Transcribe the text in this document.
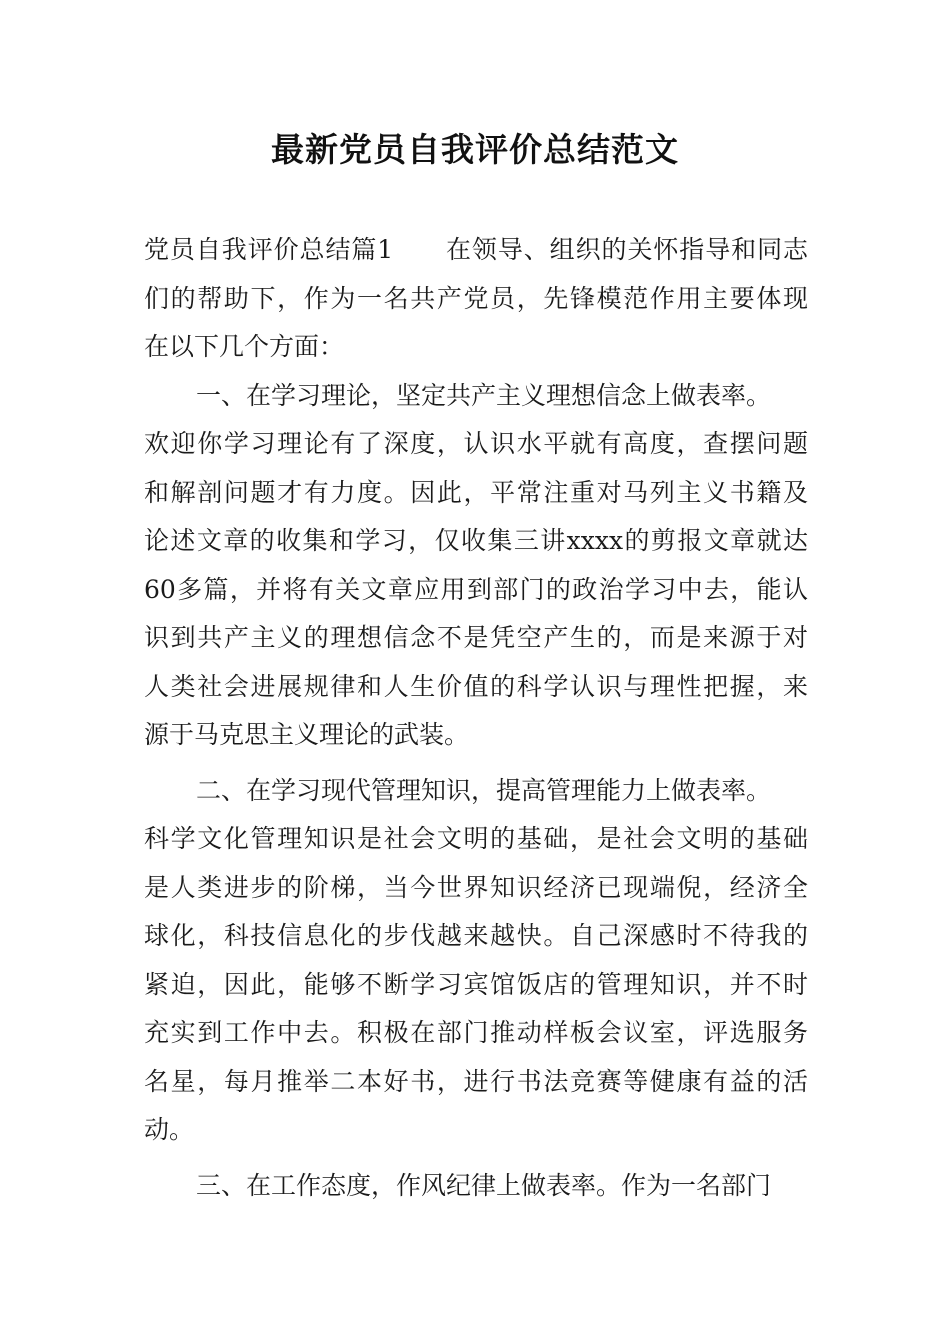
最新党员自我评价总结范文
党员自我评价总结篇1　　在领导、组织的关怀指导和同志
们的帮助下，作为一名共产党员，先锋模范作用主要体现
在以下几个方面：
一、在学习理论，坚定共产主义理想信念上做表率。
欢迎你学习理论有了深度，认识水平就有高度，查摆问题
和解剖问题才有力度。因此，平常注重对马列主义书籍及
论述文章的收集和学习，仅收集三讲xxxx的剪报文章就达
60多篇，并将有关文章应用到部门的政治学习中去，能认
识到共产主义的理想信念不是凭空产生的，而是来源于对
人类社会进展规律和人生价值的科学认识与理性把握，来
源于马克思主义理论的武装。
二、在学习现代管理知识，提高管理能力上做表率。
科学文化管理知识是社会文明的基础，是社会文明的基础
是人类进步的阶梯，当今世界知识经济已现端倪，经济全
球化，科技信息化的步伐越来越快。自己深感时不待我的
紧迫，因此，能够不断学习宾馆饭店的管理知识，并不时
充实到工作中去。积极在部门推动样板会议室，评选服务
名星，每月推举二本好书，进行书法竞赛等健康有益的活
动。
三、在工作态度，作风纪律上做表率。作为一名部门
